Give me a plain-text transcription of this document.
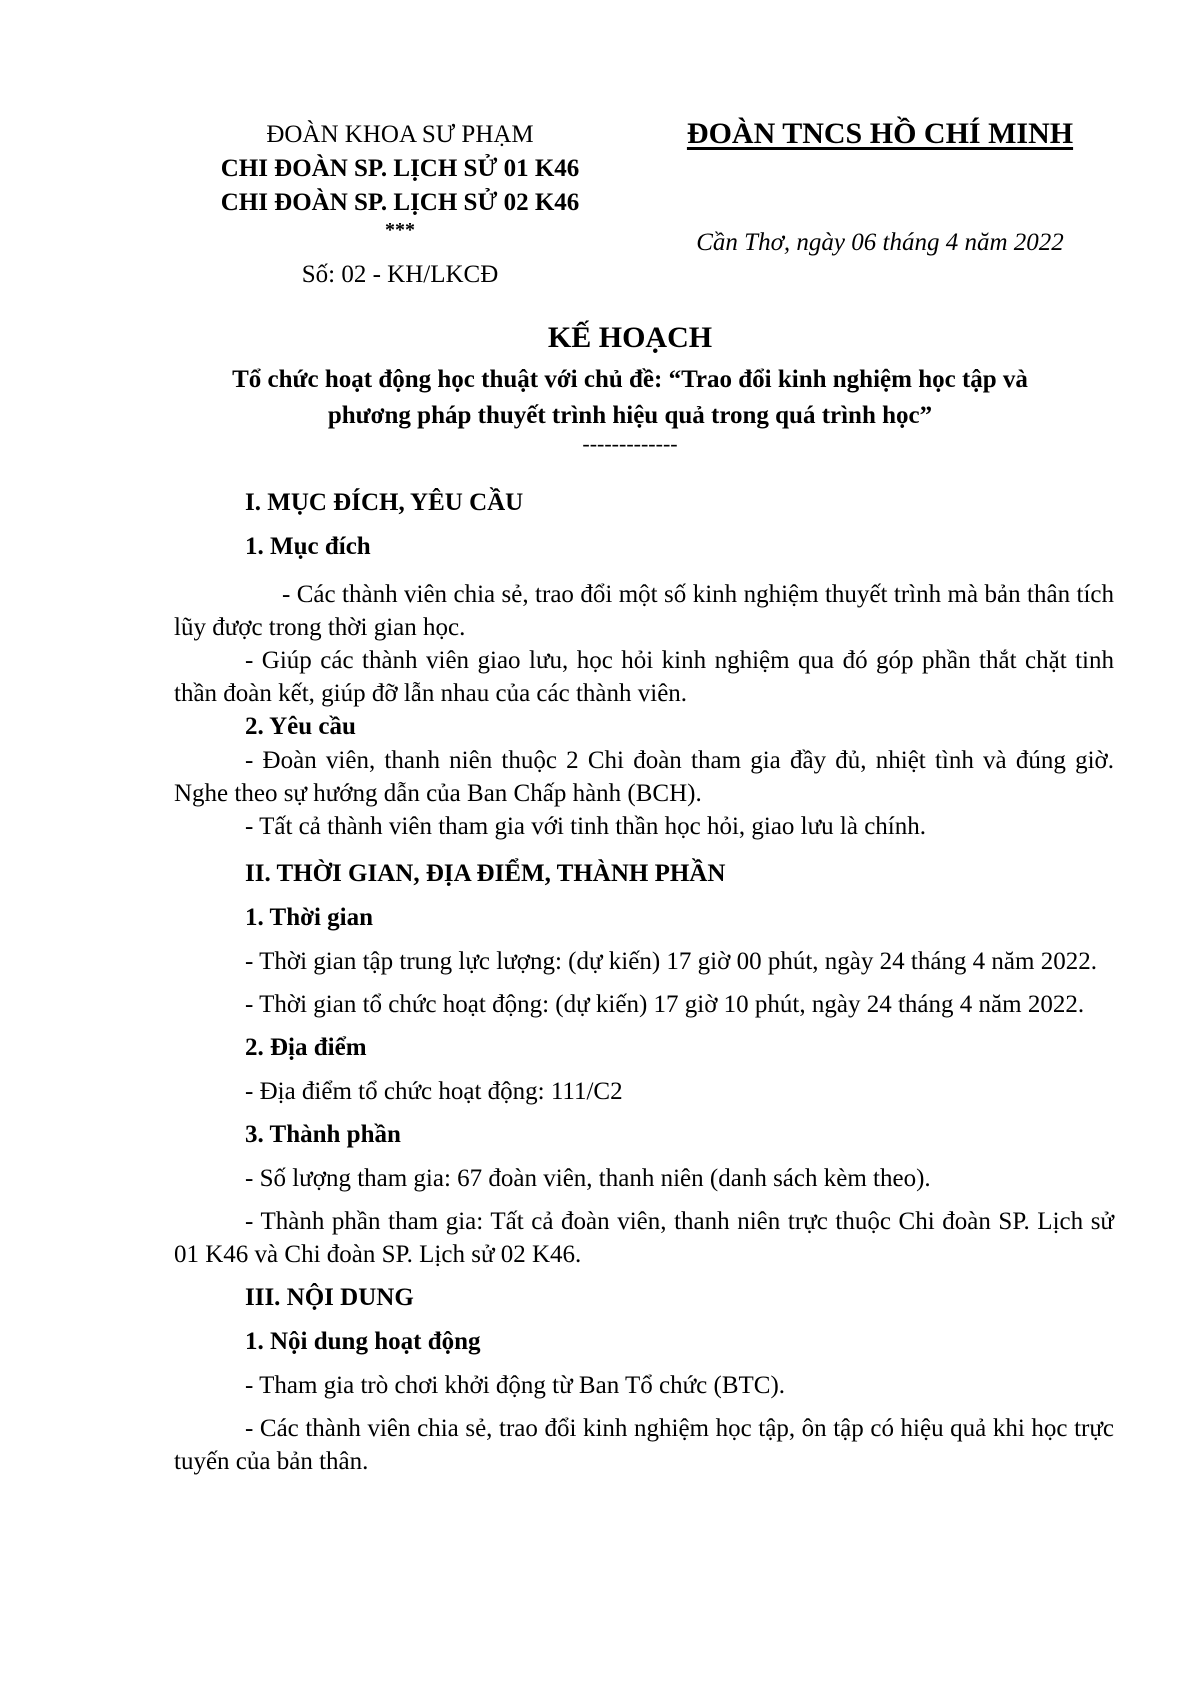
ĐOÀN KHOA SƯ PHẠM
CHI ĐOÀN SP. LỊCH SỬ 01 K46
CHI ĐOÀN SP. LỊCH SỬ 02 K46
***
Số: 02 - KH/LKCĐ
ĐOÀN TNCS HỒ CHÍ MINH
Cần Thơ, ngày 06 tháng 4 năm 2022
KẾ HOẠCH
Tổ chức hoạt động học thuật với chủ đề: “Trao đổi kinh nghiệm học tập và
phương pháp thuyết trình hiệu quả trong quá trình học”
-------------

I. MỤC ĐÍCH, YÊU CẦU

1. Mục đích

- Các thành viên chia sẻ, trao đổi một số kinh nghiệm thuyết trình mà bản thân tích lũy được trong thời gian học.

- Giúp các thành viên giao lưu, học hỏi kinh nghiệm qua đó góp phần thắt chặt tinh thần đoàn kết, giúp đỡ lẫn nhau của các thành viên.

2. Yêu cầu

- Đoàn viên, thanh niên thuộc 2 Chi đoàn tham gia đầy đủ, nhiệt tình và đúng giờ. Nghe theo sự hướng dẫn của Ban Chấp hành (BCH).

- Tất cả thành viên tham gia với tinh thần học hỏi, giao lưu là chính.

II. THỜI GIAN, ĐỊA ĐIỂM, THÀNH PHẦN

1. Thời gian

- Thời gian tập trung lực lượng: (dự kiến) 17 giờ 00 phút, ngày 24 tháng 4 năm 2022.

- Thời gian tổ chức hoạt động: (dự kiến) 17 giờ 10 phút, ngày 24 tháng 4 năm 2022.

2. Địa điểm

- Địa điểm tổ chức hoạt động: 111/C2

3. Thành phần

- Số lượng tham gia: 67 đoàn viên, thanh niên (danh sách kèm theo).

- Thành phần tham gia: Tất cả đoàn viên, thanh niên trực thuộc Chi đoàn SP. Lịch sử 01 K46 và Chi đoàn SP. Lịch sử 02 K46.

III. NỘI DUNG

1. Nội dung hoạt động

- Tham gia trò chơi khởi động từ Ban Tổ chức (BTC).

- Các thành viên chia sẻ, trao đổi kinh nghiệm học tập, ôn tập có hiệu quả khi học trực tuyến của bản thân.
